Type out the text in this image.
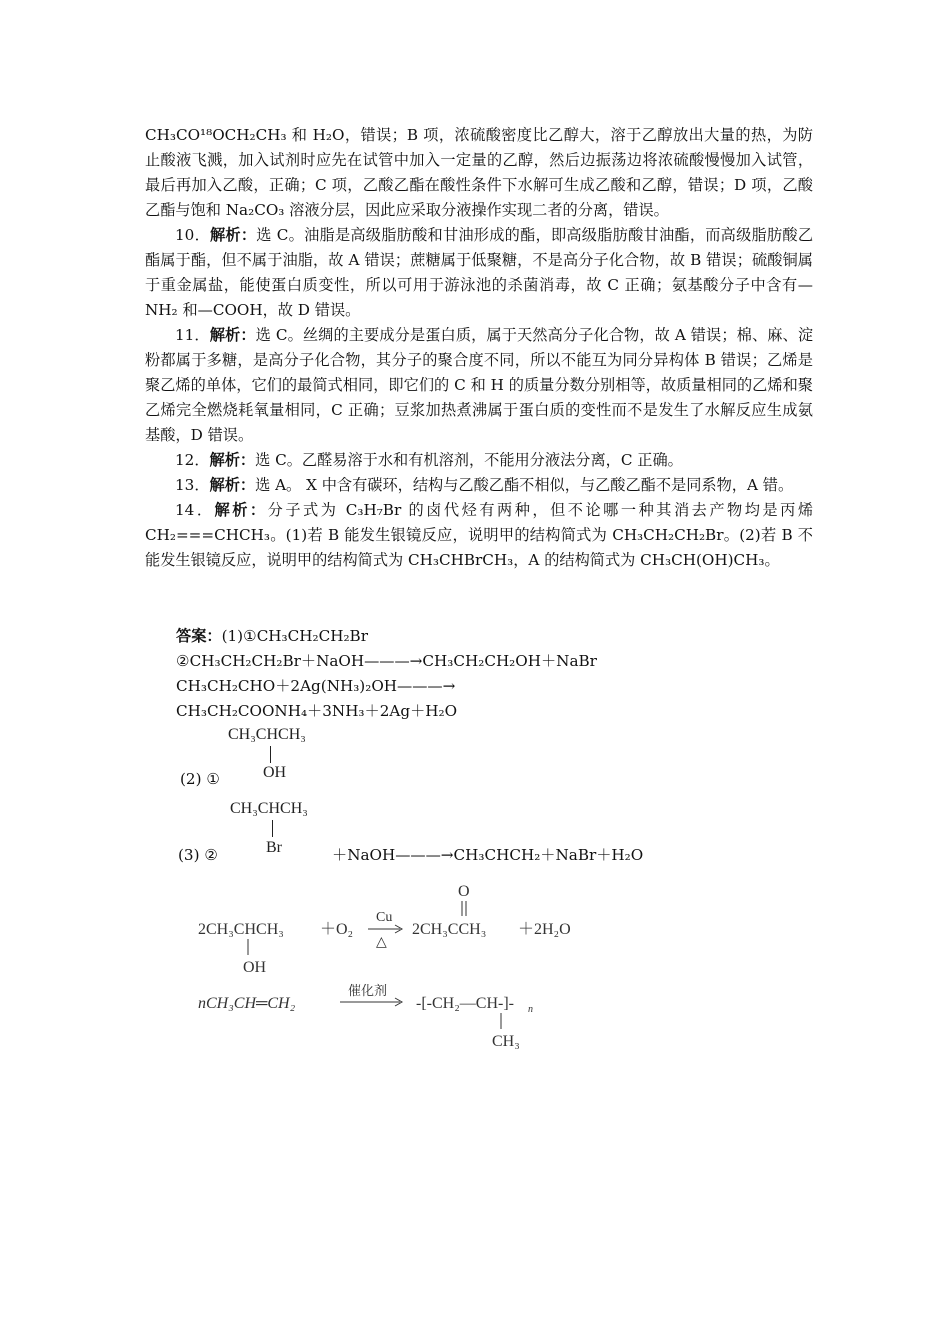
CH₃CO¹⁸OCH₂CH₃ 和 H₂O，错误；B 项，浓硫酸密度比乙醇大，溶于乙醇放出大量的热，为防止酸液飞溅，加入试剂时应先在试管中加入一定量的乙醇，然后边振荡边将浓硫酸慢慢加入试管，最后再加入乙酸，正确；C 项，乙酸乙酯在酸性条件下水解可生成乙酸和乙醇，错误；D 项，乙酸乙酯与饱和 Na₂CO₃ 溶液分层，因此应采取分液操作实现二者的分离，错误。

10．解析：选 C。油脂是高级脂肪酸和甘油形成的酯，即高级脂肪酸甘油酯，而高级脂肪酸乙酯属于酯，但不属于油脂，故 A 错误；蔗糖属于低聚糖，不是高分子化合物，故 B 错误；硫酸铜属于重金属盐，能使蛋白质变性，所以可用于游泳池的杀菌消毒，故 C 正确；氨基酸分子中含有—NH₂ 和—COOH，故 D 错误。

11．解析：选 C。丝绸的主要成分是蛋白质，属于天然高分子化合物，故 A 错误；棉、麻、淀粉都属于多糖，是高分子化合物，其分子的聚合度不同，所以不能互为同分异构体 B 错误；乙烯是聚乙烯的单体，它们的最简式相同，即它们的 C 和 H 的质量分数分别相等，故质量相同的乙烯和聚乙烯完全燃烧耗氧量相同，C 正确；豆浆加热煮沸属于蛋白质的变性而不是发生了水解反应生成氨基酸，D 错误。

12．解析：选 C。乙醛易溶于水和有机溶剂，不能用分液法分离，C 正确。

13．解析：选 A。 X 中含有碳环，结构与乙酸乙酯不相似，与乙酸乙酯不是同系物，A 错。

14．解析：分子式为 C₃H₇Br 的卤代烃有两种，但不论哪一种其消去产物均是丙烯 CH₂===CHCH₃。(1)若 B 能发生银镜反应，说明甲的结构简式为 CH₃CH₂CH₂Br。(2)若 B 不能发生银镜反应，说明甲的结构简式为 CH₃CHBrCH₃，A 的结构简式为 CH₃CH(OH)CH₃。

答案：(1)①CH₃CH₂CH₂Br
②CH₃CH₂CH₂Br＋NaOH———→CH₃CH₂CH₂OH＋NaBr
CH₃CH₂CHO＋2Ag(NH₃)₂OH———→
CH₃CH₂COONH₄＋3NH₃＋2Ag＋H₂O
CH₃CHCH₃
OH
(2) ①
CH₃CHCH₃
Br
(3) ②	＋NaOH———→CH₃CHCH₂＋NaBr＋H₂O
2CH₃CHCH₃
OH
＋O₂
Cu
△
O
2CH₃CCH₃ ＋2H₂O
nCH₃CH═CH₂
催化剂
-[-CH₂—CH-]- n
CH₃
